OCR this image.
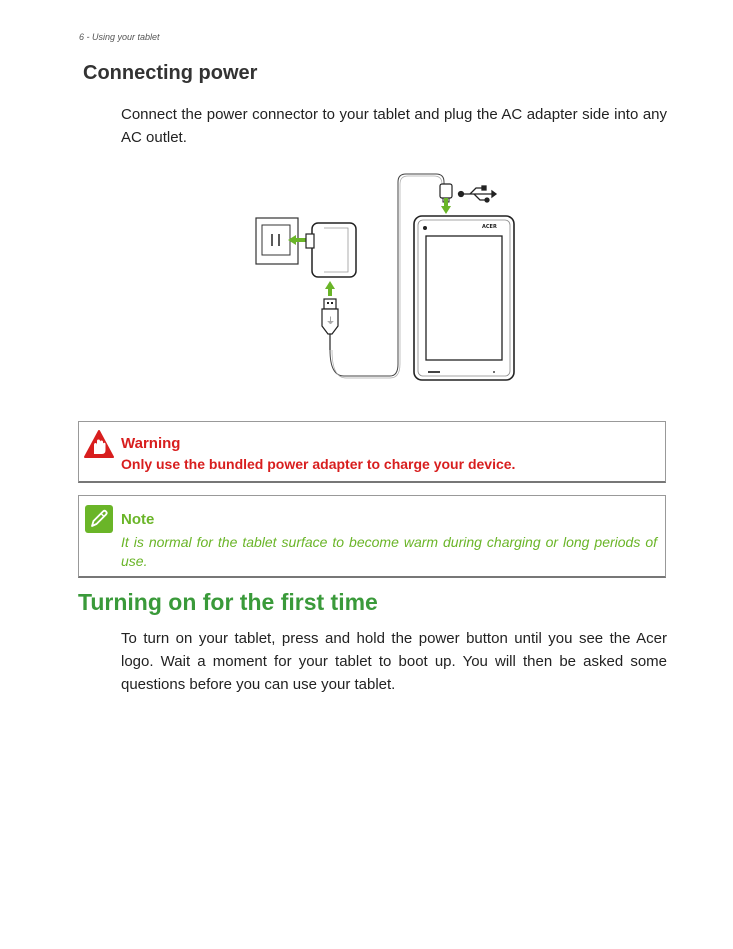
6 - Using your tablet
Connecting power

Connect the power connector to your tablet and plug the AC adapter side into any AC outlet.

⏚
ACER
Warning
Only use the bundled power adapter to charge your device.
Note
It is normal for the tablet surface to become warm during charging or long periods of use.
Turning on for the first time

To turn on your tablet, press and hold the power button until you see the Acer logo. Wait a moment for your tablet to boot up. You will then be asked some questions before you can use your tablet.
